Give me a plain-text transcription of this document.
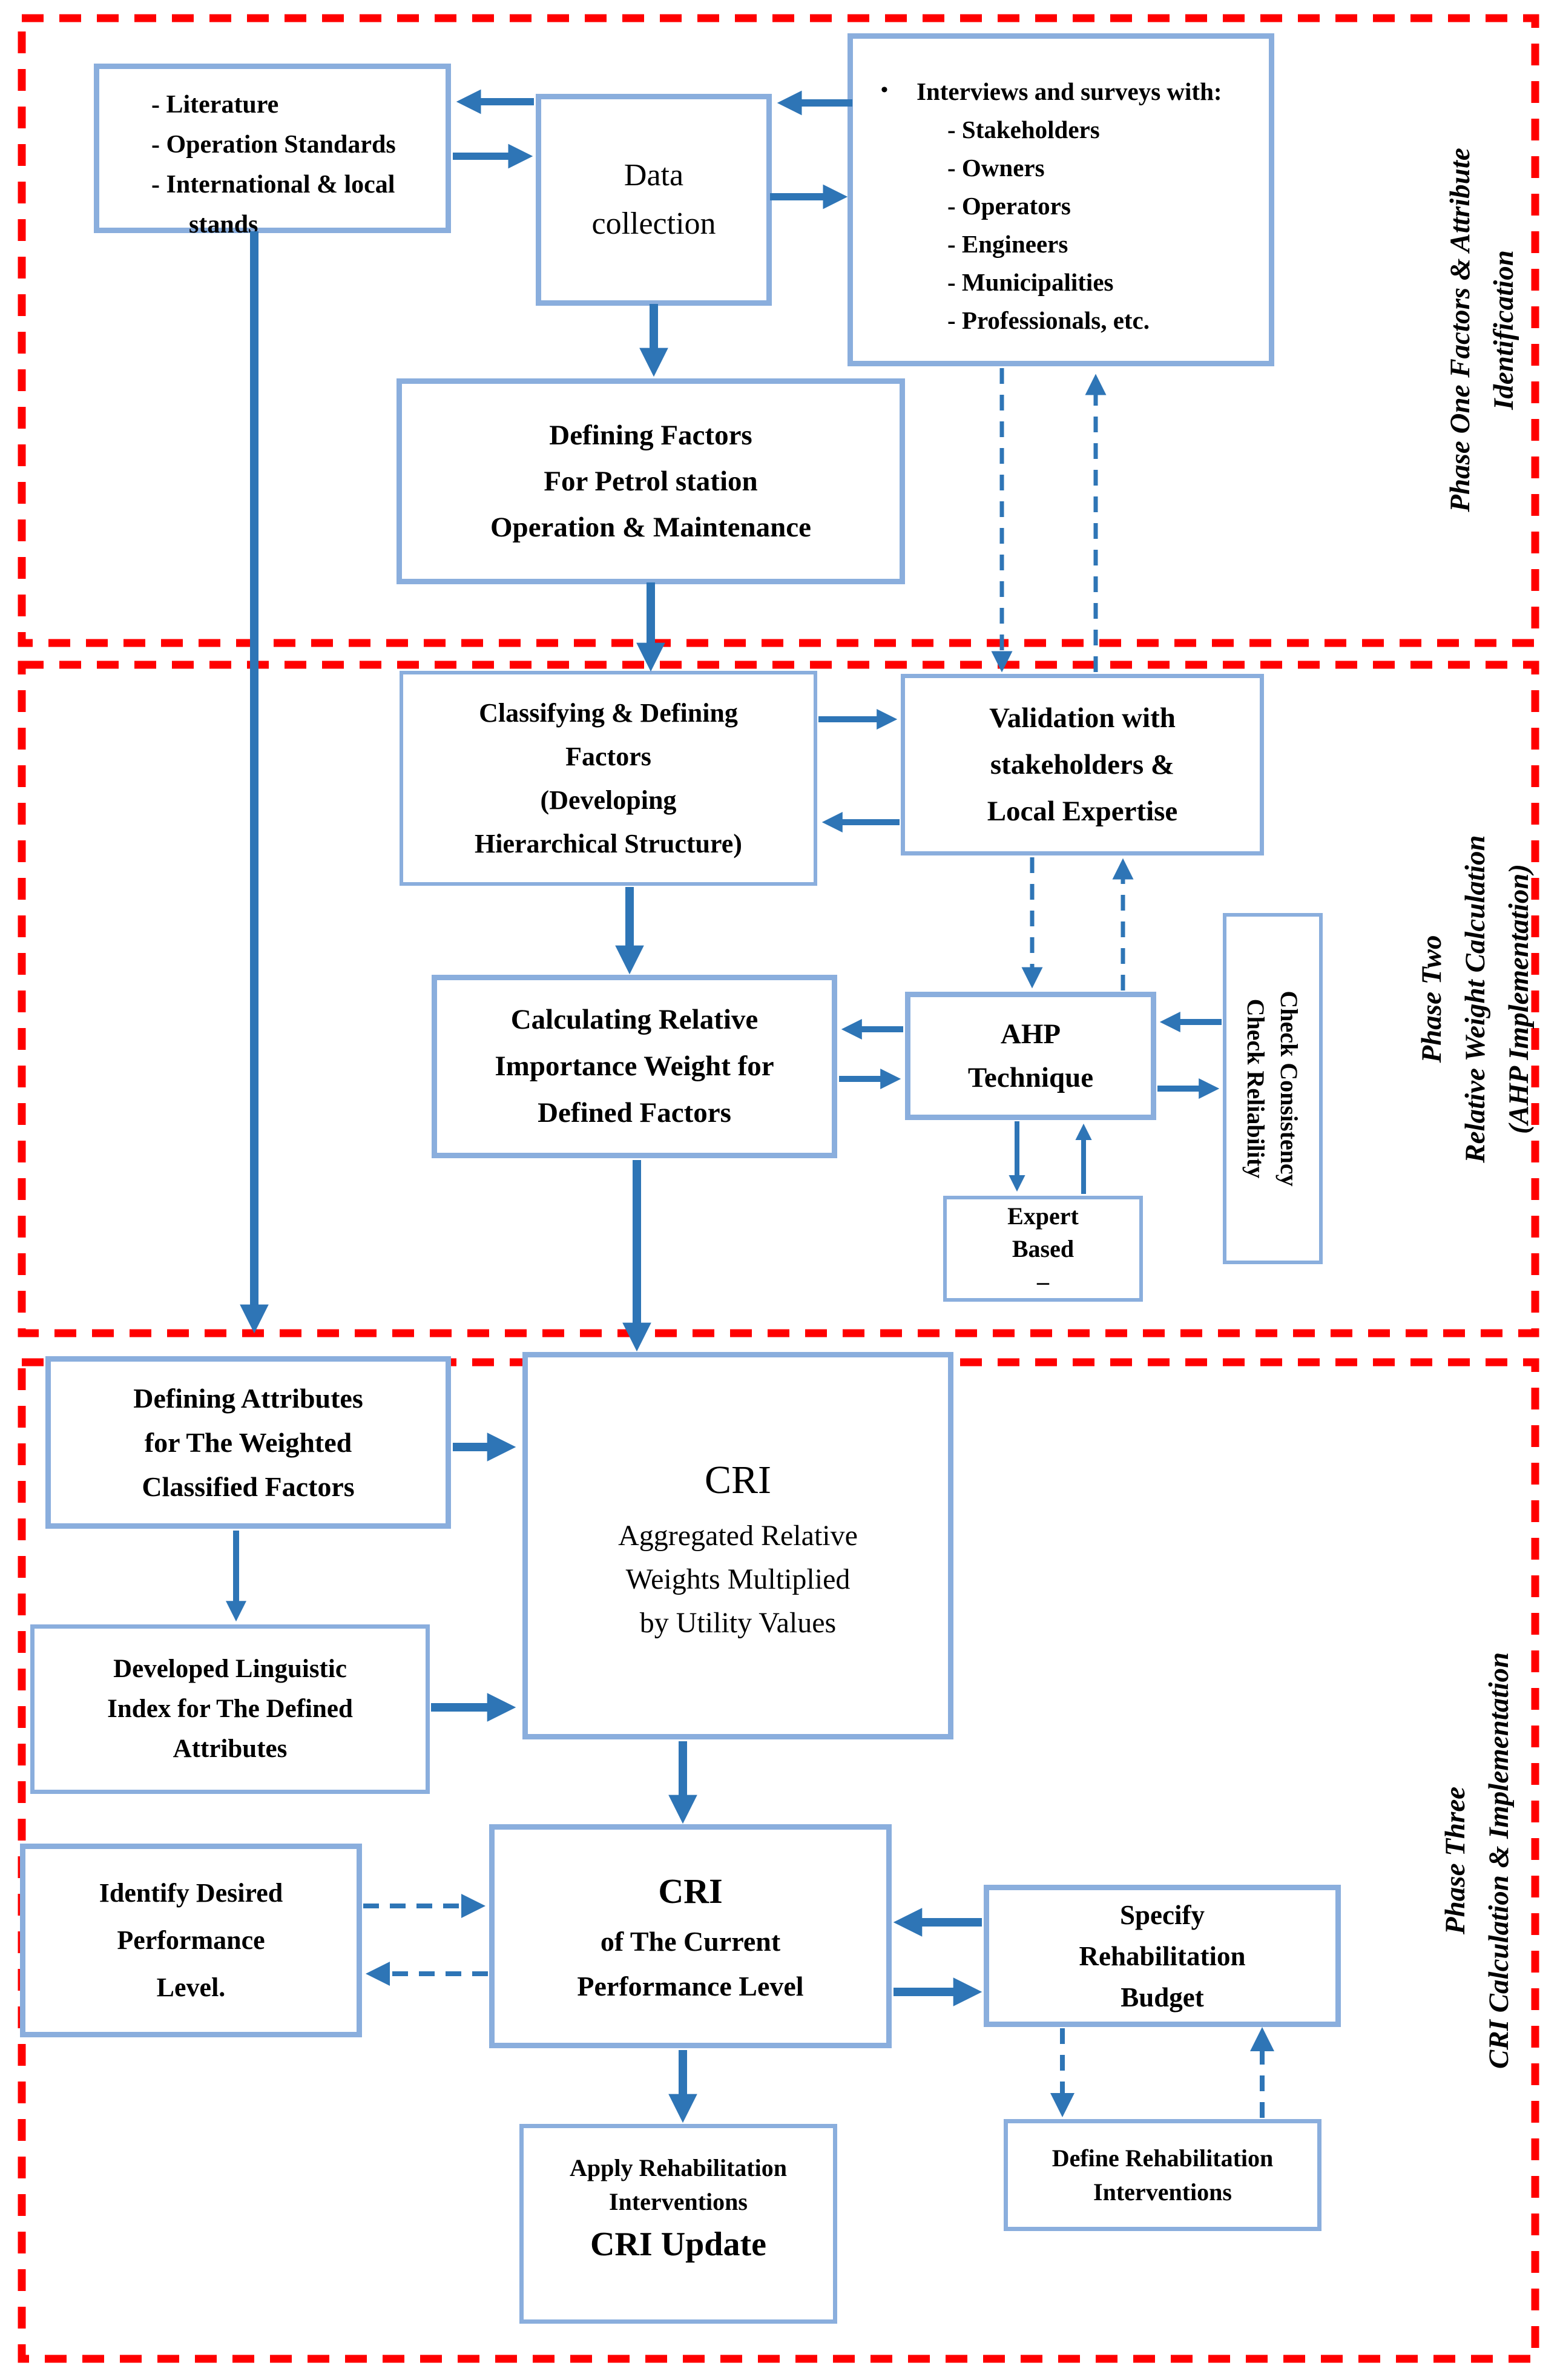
- Literature
- Operation Standards
- International & local stands
Data
collection
• Interviews and surveys with:
- Stakeholders
- Owners
- Operators
- Engineers
- Municipalities
- Professionals, etc.
Defining Factors
For Petrol station
Operation & Maintenance
Phase One Factors & Attribute Identification
Classifying & Defining
Factors
(Developing
Hierarchical Structure)
Validation with
stakeholders &
Local Expertise
Calculating Relative
Importance Weight for
Defined Factors
AHP
Technique	Check Consistency
Check Reliability
Expert
Based
–
Phase Two Relative Weight Calculation (AHP Implementation)
Defining Attributes
for The Weighted
Classified Factors	CRI
Aggregated Relative
Weights Multiplied
by Utility Values
Developed Linguistic
Index for The Defined
Attributes
Identify Desired
Performance
Level.
CRI
of The Current
Performance Level
Specify
Rehabilitation
Budget
Define Rehabilitation
Interventions
Apply Rehabilitation
Interventions
CRI Update
Phase Three CRI Calculation & Implementation
